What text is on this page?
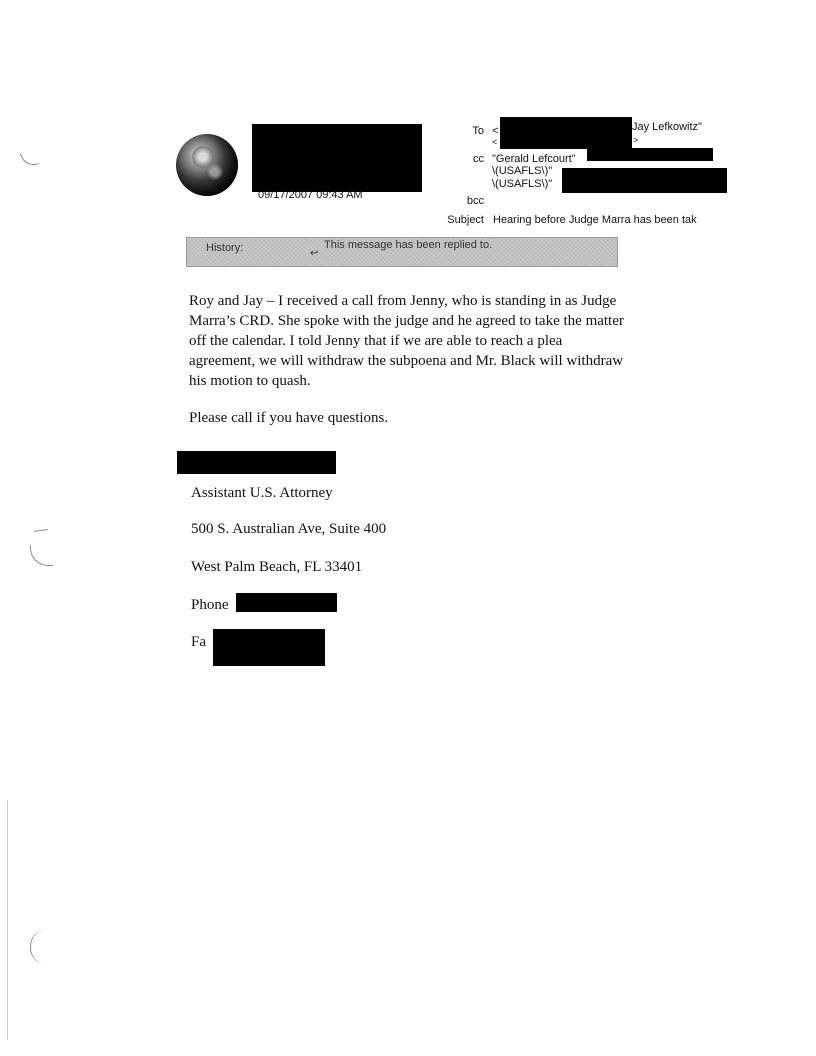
09/17/2007 09:43 AM
To <	Jay Lefkowitz"
<	>
cc "Gerald Lefcourt"
\(USAFLS\)"
\(USAFLS\)"
bcc
Subject Hearing before Judge Marra has been tak
History:	↩
This message has been replied to.
Roy and Jay – I received a call from Jenny, who is standing in as Judge Marra’s CRD. She spoke with the judge and he agreed to take the matter off the calendar. I told Jenny that if we are able to reach a plea agreement, we will withdraw the subpoena and Mr. Black will withdraw his motion to quash.
Please call if you have questions.
Assistant U.S. Attorney
500 S. Australian Ave, Suite 400
West Palm Beach, FL 33401
Phone
Fa
